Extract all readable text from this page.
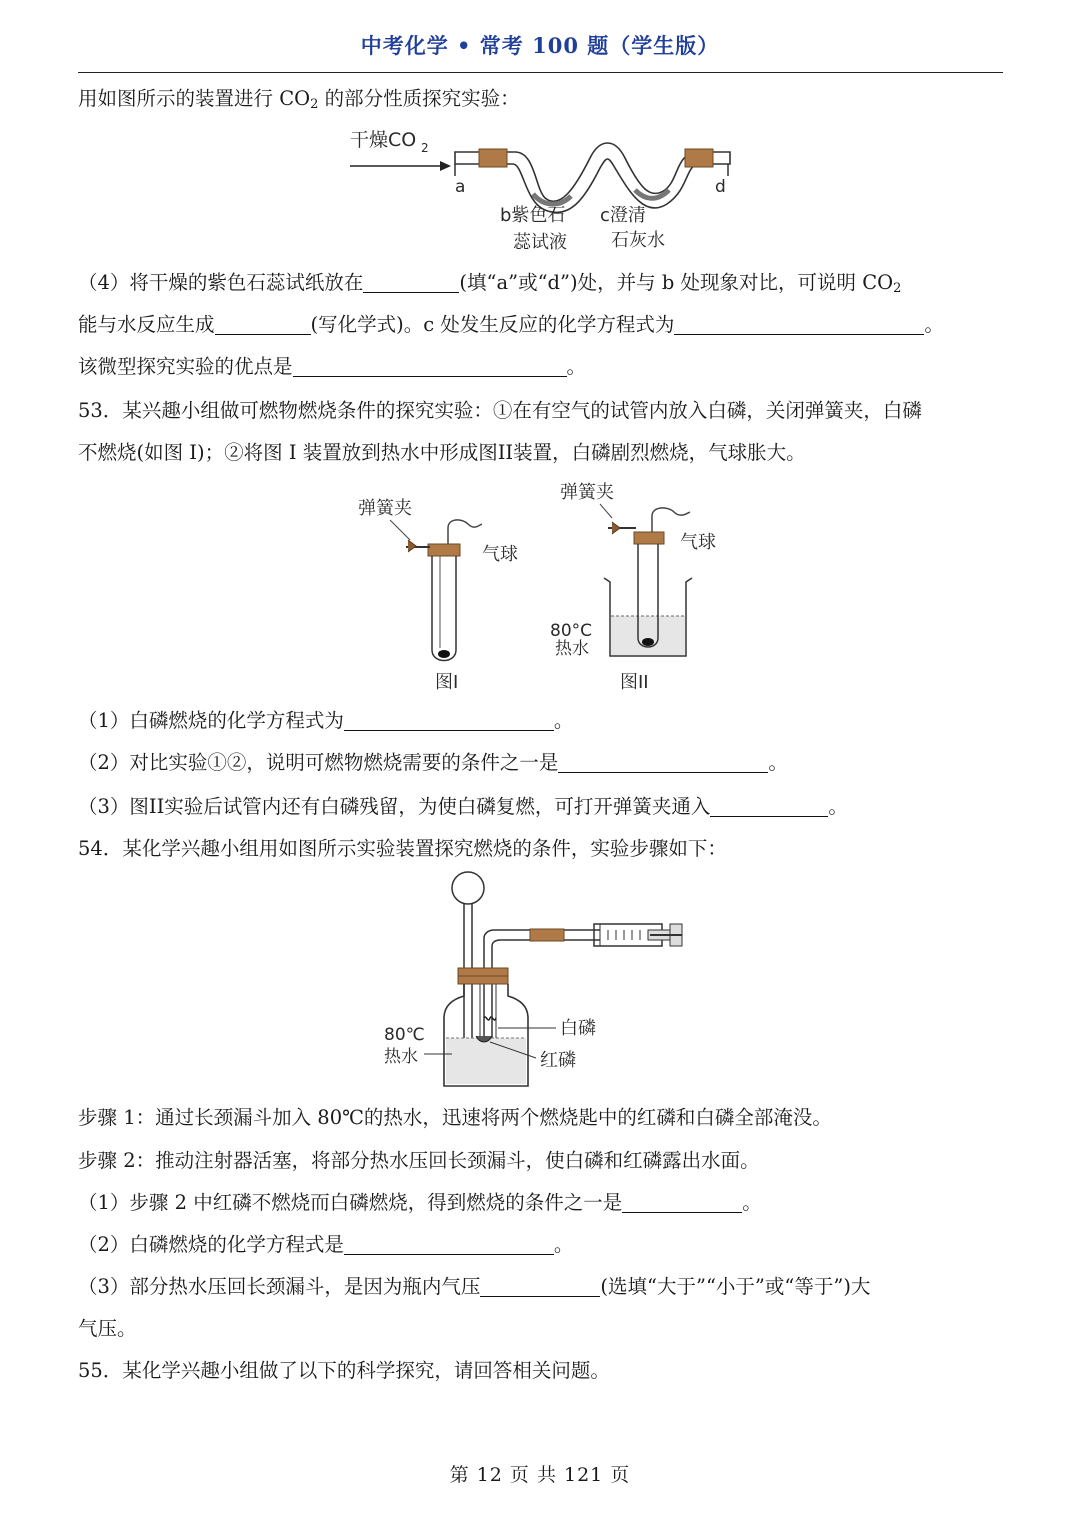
中考化学 • 常考 100 题（学生版）
用如图所示的装置进行 $CO_2$ 的部分性质探究实验：
干燥CO 2
a	d
b紫色石
蕊试液
c澄清
石灰水
（4）将干燥的紫色石蕊试纸放在	(填“a”或“d”)处，并与 b 处现象对比，可说明 $CO_2$
能与水反应生成	(写化学式)。c 处发生反应的化学方程式为	。
该微型探究实验的优点是	。
53．某兴趣小组做可燃物燃烧条件的探究实验：①在有空气的试管内放入白磷，关闭弹簧夹，白磷
不燃烧(如图 I)；②将图 I 装置放到热水中形成图II装置，白磷剧烈燃烧，气球胀大。
弹簧夹
气球
图I
弹簧夹
气球
80°C
热水
图II
（1）白磷燃烧的化学方程式为	。
（2）对比实验①②，说明可燃物燃烧需要的条件之一是	。
（3）图II实验后试管内还有白磷残留，为使白磷复燃，可打开弹簧夹通入	。
54．某化学兴趣小组用如图所示实验装置探究燃烧的条件，实验步骤如下：
80℃
热水
白磷
红磷
步骤 1：通过长颈漏斗加入 80℃的热水，迅速将两个燃烧匙中的红磷和白磷全部淹没。
步骤 2：推动注射器活塞，将部分热水压回长颈漏斗，使白磷和红磷露出水面。
（1）步骤 2 中红磷不燃烧而白磷燃烧，得到燃烧的条件之一是	。
（2）白磷燃烧的化学方程式是	。
（3）部分热水压回长颈漏斗，是因为瓶内气压	(选填“大于”“小于”或“等于”)大
气压。
55．某化学兴趣小组做了以下的科学探究，请回答相关问题。
第 12 页 共 121 页
